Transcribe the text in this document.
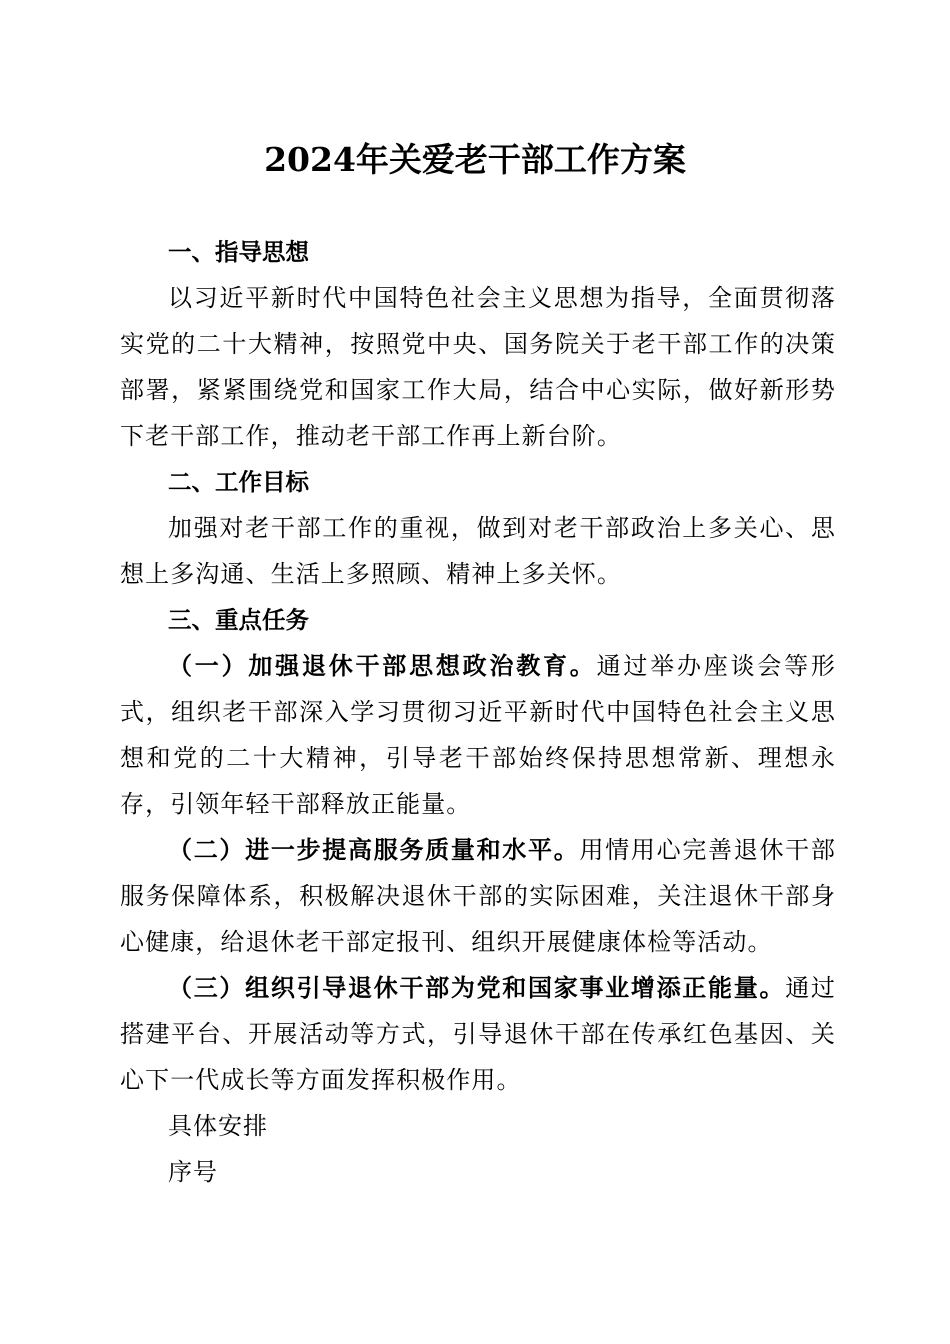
2024年关爱老干部工作方案

一、指导思想

以习近平新时代中国特色社会主义思想为指导，全面贯彻落实党的二十大精神，按照党中央、国务院关于老干部工作的决策部署，紧紧围绕党和国家工作大局，结合中心实际，做好新形势下老干部工作，推动老干部工作再上新台阶。

二、工作目标

加强对老干部工作的重视，做到对老干部政治上多关心、思想上多沟通、生活上多照顾、精神上多关怀。

三、重点任务

（一）加强退休干部思想政治教育。通过举办座谈会等形式，组织老干部深入学习贯彻习近平新时代中国特色社会主义思想和党的二十大精神，引导老干部始终保持思想常新、理想永存，引领年轻干部释放正能量。

（二）进一步提高服务质量和水平。用情用心完善退休干部服务保障体系，积极解决退休干部的实际困难，关注退休干部身心健康，给退休老干部定报刊、组织开展健康体检等活动。

（三）组织引导退休干部为党和国家事业增添正能量。通过搭建平台、开展活动等方式，引导退休干部在传承红色基因、关心下一代成长等方面发挥积极作用。

具体安排

序号
